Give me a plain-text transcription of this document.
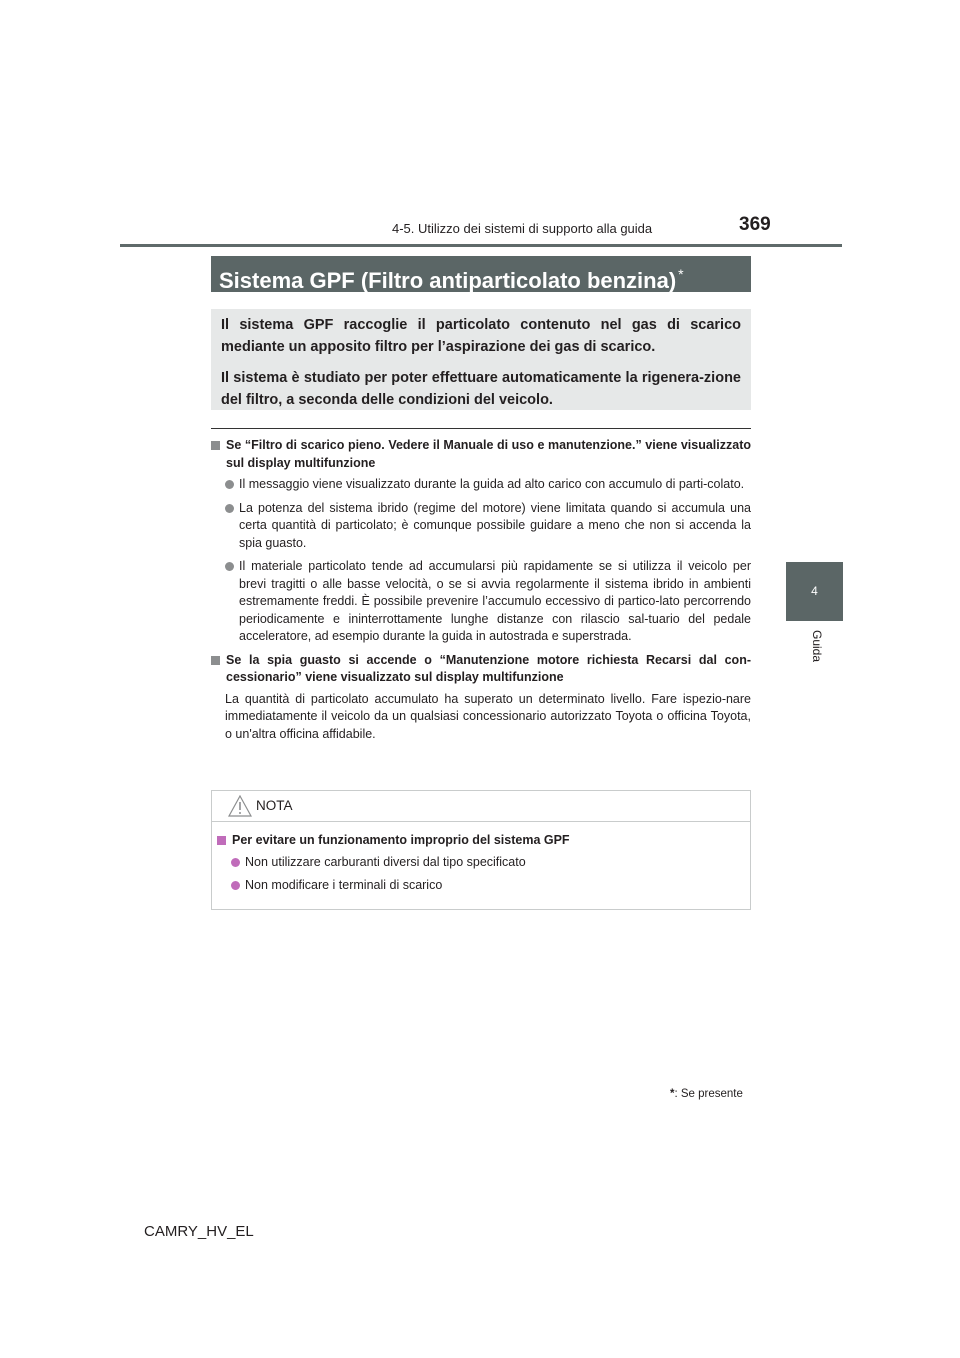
4-5. Utilizzo dei sistemi di supporto alla guida	369
4
Guida
Sistema GPF (Filtro antiparticolato benzina) *

Il sistema GPF raccoglie il particolato contenuto nel gas di scarico mediante un apposito filtro per l’aspirazione dei gas di scarico.

Il sistema è studiato per poter effettuare automaticamente la rigenera-zione del filtro, a seconda delle condizioni del veicolo.

Se “Filtro di scarico pieno. Vedere il Manuale di uso e manutenzione.” viene visualizzato sul display multifunzione
Il messaggio viene visualizzato durante la guida ad alto carico con accumulo di parti-colato.
La potenza del sistema ibrido (regime del motore) viene limitata quando si accumula una certa quantità di particolato; è comunque possibile guidare a meno che non si accenda la spia guasto.
Il materiale particolato tende ad accumularsi più rapidamente se si utilizza il veicolo per brevi tragitti o alle basse velocità, o se si avvia regolarmente il sistema ibrido in ambienti estremamente freddi. È possibile prevenire l’accumulo eccessivo di partico-lato percorrendo periodicamente e ininterrottamente lunghe distanze con rilascio sal-tuario del pedale acceleratore, ad esempio durante la guida in autostrada e superstrada.
Se la spia guasto si accende o “Manutenzione motore richiesta Recarsi dal con-cessionario” viene visualizzato sul display multifunzione
La quantità di particolato accumulato ha superato un determinato livello. Fare ispezio-nare immediatamente il veicolo da un qualsiasi concessionario autorizzato Toyota o officina Toyota, o un'altra officina affidabile.
NOTA
Per evitare un funzionamento improprio del sistema GPF
Non utilizzare carburanti diversi dal tipo specificato
Non modificare i terminali di scarico
*: Se presente
CAMRY_HV_EL
